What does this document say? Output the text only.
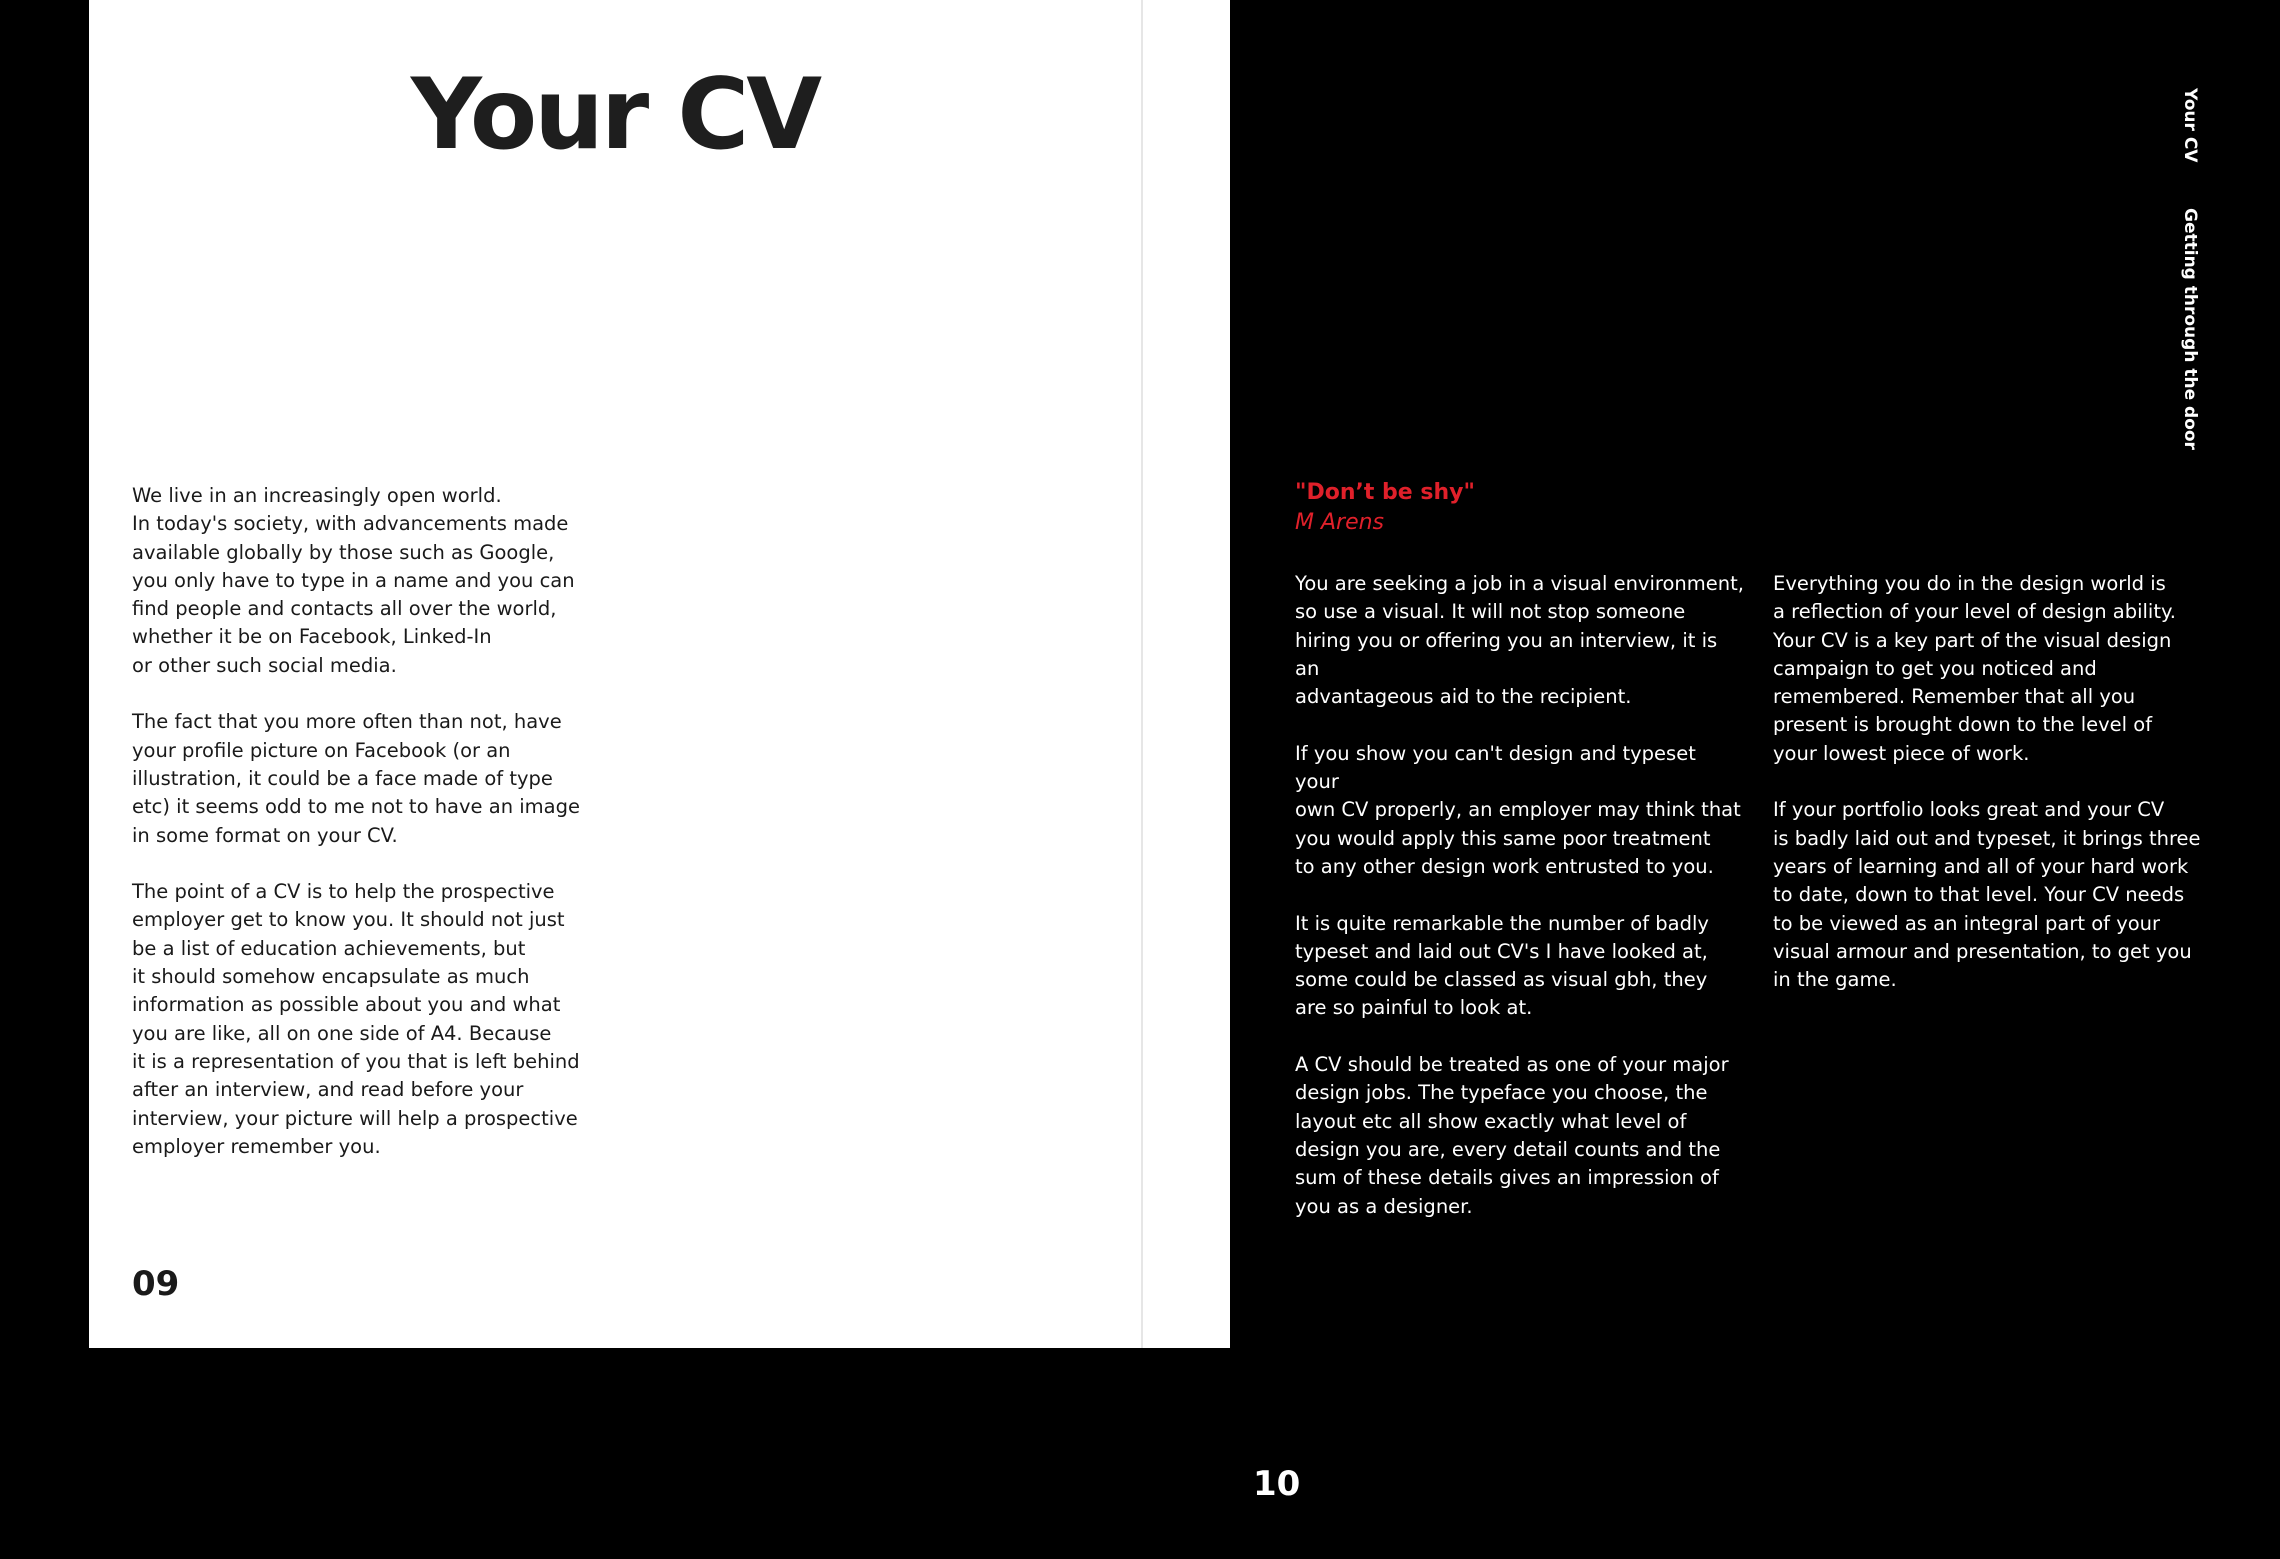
Your CV

We live in an increasingly open world.
In today's society, with advancements made
available globally by those such as Google,
you only have to type in a name and you can
find people and contacts all over the world,
whether it be on Facebook, Linked-In
or other such social media.

The fact that you more often than not, have
your profile picture on Facebook (or an
illustration, it could be a face made of type
etc) it seems odd to me not to have an image
in some format on your CV.

The point of a CV is to help the prospective
employer get to know you. It should not just
be a list of education achievements, but
it should somehow encapsulate as much
information as possible about you and what
you are like, all on one side of A4. Because
it is a representation of you that is left behind
after an interview, and read before your
interview, your picture will help a prospective
employer remember you.

09
"Don’t be shy"
M Arens

You are seeking a job in a visual environment,
so use a visual. It will not stop someone
hiring you or offering you an interview, it is an
advantageous aid to the recipient.

If you show you can't design and typeset your
own CV properly, an employer may think that
you would apply this same poor treatment
to any other design work entrusted to you.

It is quite remarkable the number of badly
typeset and laid out CV's I have looked at,
some could be classed as visual gbh, they
are so painful to look at.

A CV should be treated as one of your major
design jobs. The typeface you choose, the
layout etc all show exactly what level of
design you are, every detail counts and the
sum of these details gives an impression of
you as a designer.

Everything you do in the design world is
a reflection of your level of design ability.
Your CV is a key part of the visual design
campaign to get you noticed and
remembered. Remember that all you
present is brought down to the level of
your lowest piece of work.

If your portfolio looks great and your CV
is badly laid out and typeset, it brings three
years of learning and all of your hard work
to date, down to that level. Your CV needs
to be viewed as an integral part of your
visual armour and presentation, to get you
in the game.

Your CV Getting through the door
10
